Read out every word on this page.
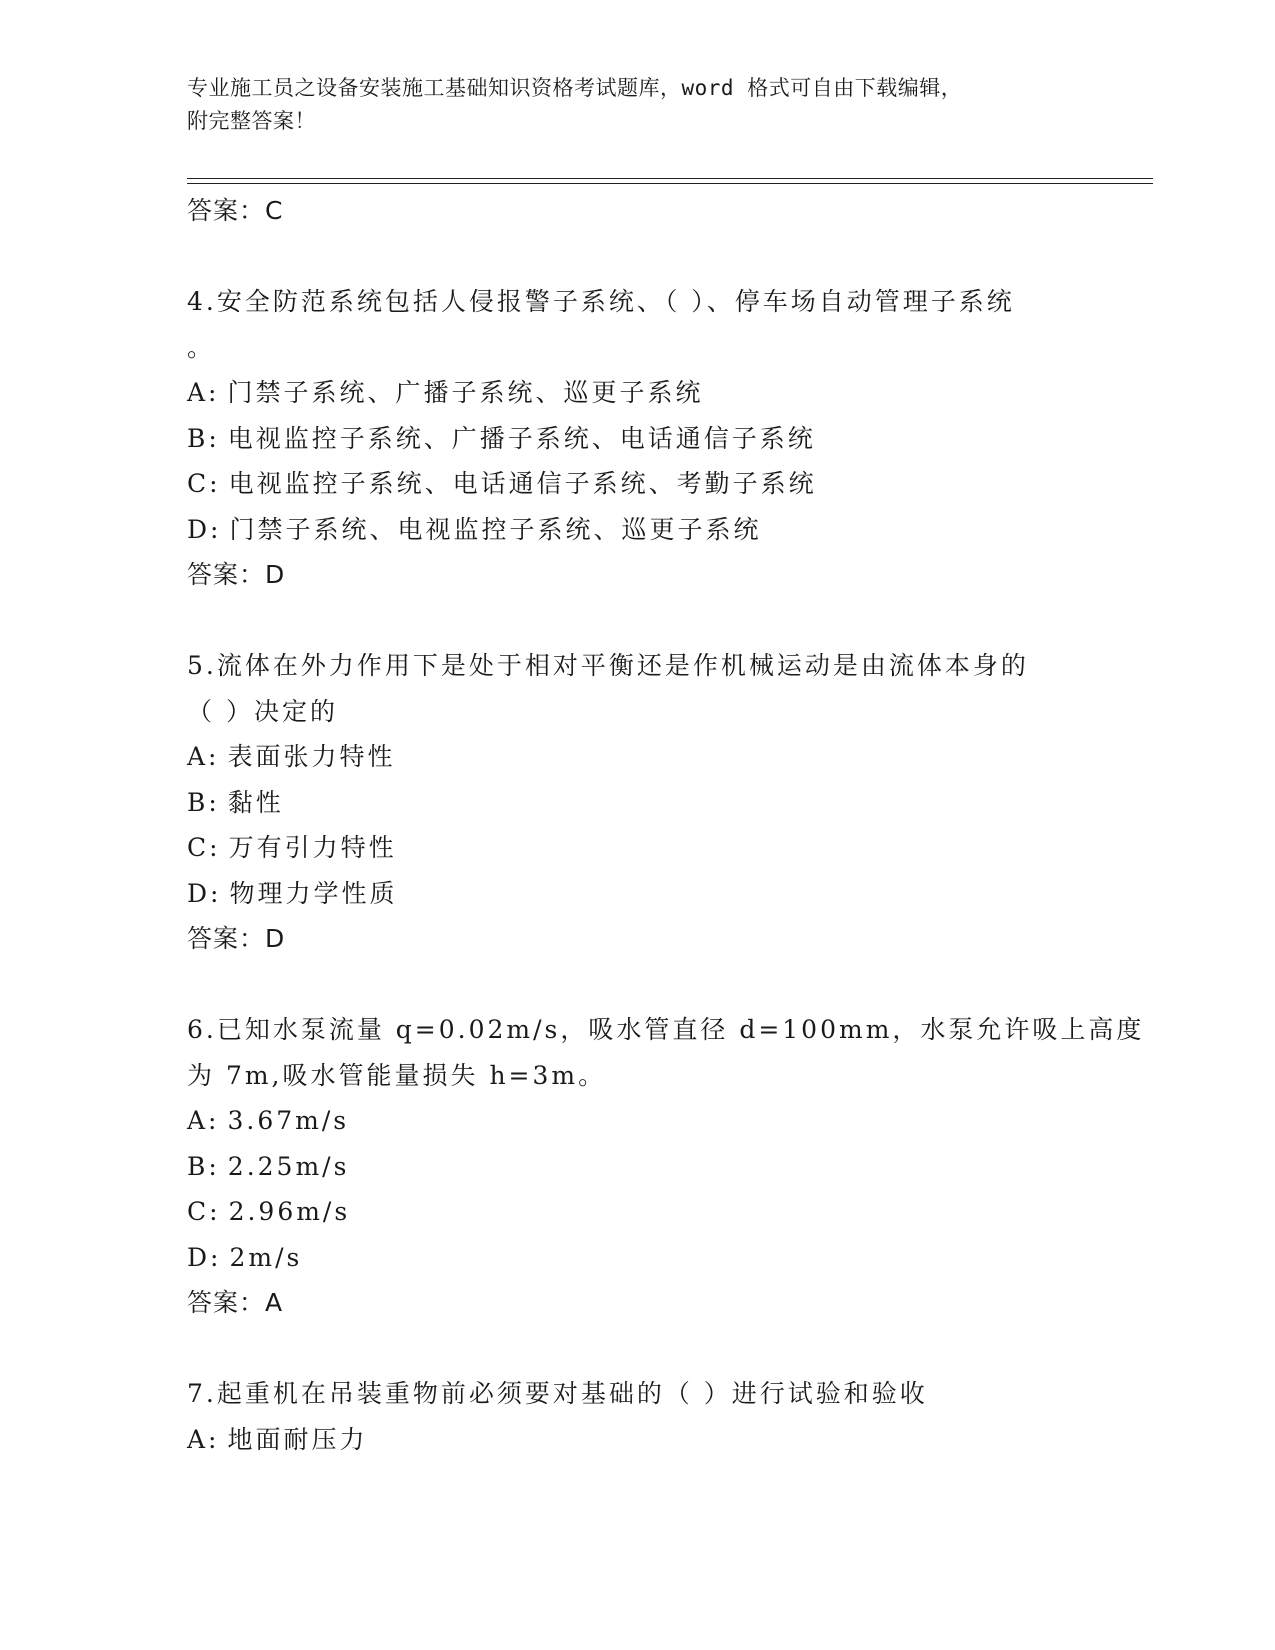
专业施工员之设备安装施工基础知识资格考试题库，word 格式可自由下载编辑，
附完整答案！
答案：C
4.安全防范系统包括人侵报警子系统、（ ）、停车场自动管理子系统
。
A: 门禁子系统、广播子系统、巡更子系统
B: 电视监控子系统、广播子系统、电话通信子系统
C: 电视监控子系统、电话通信子系统、考勤子系统
D: 门禁子系统、电视监控子系统、巡更子系统
答案：D
5.流体在外力作用下是处于相对平衡还是作机械运动是由流体本身的
（ ）决定的
A: 表面张力特性
B: 黏性
C: 万有引力特性
D: 物理力学性质
答案：D
6.已知水泵流量 q=0.02m/s，吸水管直径 d=100mm，水泵允许吸上高度
为 7m,吸水管能量损失 h=3m。
A: 3.67m/s
B: 2.25m/s
C: 2.96m/s
D: 2m/s
答案：A
7.起重机在吊装重物前必须要对基础的（ ）进行试验和验收
A: 地面耐压力
